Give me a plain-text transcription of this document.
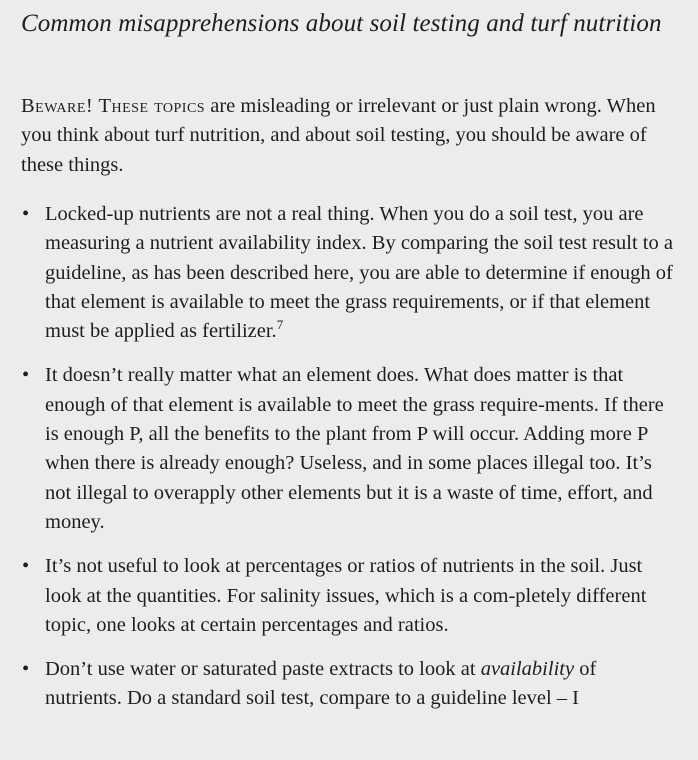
Common misapprehensions about soil testing and turf nutrition

Beware! These topics are misleading or irrelevant or just plain wrong. When you think about turf nutrition, and about soil testing, you should be aware of these things.

• Locked-up nutrients are not a real thing. When you do a soil test, you are measuring a nutrient availability index. By comparing the soil test result to a guideline, as has been described here, you are able to determine if enough of that element is available to meet the grass requirements, or if that element must be applied as fertilizer.$^7$
• It doesn’t really matter what an element does. What does matter is that enough of that element is available to meet the grass require-ments. If there is enough P, all the benefits to the plant from P will occur. Adding more P when there is already enough? Useless, and in some places illegal too. It’s not illegal to overapply other elements but it is a waste of time, effort, and money.
• It’s not useful to look at percentages or ratios of nutrients in the soil. Just look at the quantities. For salinity issues, which is a com-pletely different topic, one looks at certain percentages and ratios.
• Don’t use water or saturated paste extracts to look at availability of nutrients. Do a standard soil test, compare to a guideline level – I
